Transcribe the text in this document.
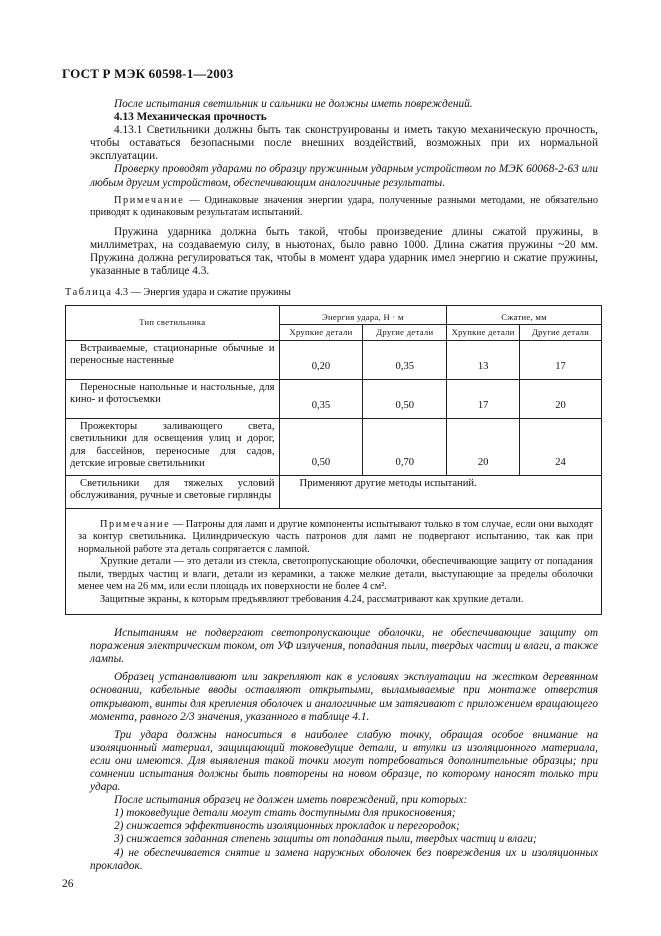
ГОСТ Р МЭК 60598-1—2003

После испытания светильник и сальники не должны иметь повреждений.

4.13 Механическая прочность

4.13.1 Светильники должны быть так сконструированы и иметь такую механическую прочность, чтобы оставаться безопасными после внешних воздействий, возможных при их нормальной эксплуатации.

Проверку проводят ударами по образцу пружинным ударным устройством по МЭК 60068-2-63 или любым другим устройством, обеспечивающим аналогичные результаты.

Примечание — Одинаковые значения энергии удара, полученные разными методами, не обязательно приводят к одинаковым результатам испытаний.

Пружина ударника должна быть такой, чтобы произведение длины сжатой пружины, в миллиметрах, на создаваемую силу, в ньютонах, было равно 1000. Длина сжатия пружины ~20 мм. Пружина должна регулироваться так, чтобы в момент удара ударник имел энергию и сжатие пружины, указанные в таблице 4.3.

Таблица 4.3 — Энергия удара и сжатие пружины

Тип светильника	Энергия удара, Н · м		Сжатие, мм	
	Хрупкие детали	Другие детали	Хрупкие детали	Другие детали
Встраиваемые, стационарные обычные и переносные настенные	0,20	0,35	13	17
Переносные напольные и настольные, для кино- и фотосъемки	0,35	0,50	17	20
Прожекторы заливающего света, светильники для освещения улиц и дорог, для бассейнов, переносные для садов, детские игровые светильники	0,50	0,70	20	24
Светильники для тяжелых условий обслуживания, ручные и световые гирлянды	Применяют другие методы испытаний.			

Примечание — Патроны для ламп и другие компоненты испытывают только в том случае, если они выходят за контур светильника. Цилиндрическую часть патронов для ламп не подвергают испытанию, так как при нормальной работе эта деталь сопрягается с лампой.

Хрупкие детали — это детали из стекла, светопропускающие оболочки, обеспечивающие защиту от попадания пыли, твердых частиц и влаги, детали из керамики, а также мелкие детали, выступающие за пределы оболочки менее чем на 26 мм, или если площадь их поверхности не более 4 см².

Защитные экраны, к которым предъявляют требования 4.24, рассматривают как хрупкие детали.				

Испытаниям не подвергают светопропускающие оболочки, не обеспечивающие защиту от поражения электрическим током, от УФ излучения, попадания пыли, твердых частиц и влаги, а также лампы.

Образец устанавливают или закрепляют как в условиях эксплуатации на жестком деревянном основании, кабельные вводы оставляют открытыми, выламываемые при монтаже отверстия открывают, винты для крепления оболочек и аналогичные им затягивают с приложением вращающего момента, равного 2/3 значения, указанного в таблице 4.1.

Три удара должны наноситься в наиболее слабую точку, обращая особое внимание на изоляционный материал, защищающий токоведущие детали, и втулки из изоляционного материала, если они имеются. Для выявления такой точки могут потребоваться дополнительные образцы; при сомнении испытания должны быть повторены на новом образце, по которому наносят только три удара.

После испытания образец не должен иметь повреждений, при которых:

1) токоведущие детали могут стать доступными для прикосновения;

2) снижается эффективность изоляционных прокладок и перегородок;

3) снижается заданная степень защиты от попадания пыли, твердых частиц и влаги;

4) не обеспечивается снятие и замена наружных оболочек без повреждения их и изоляционных прокладок.

26
